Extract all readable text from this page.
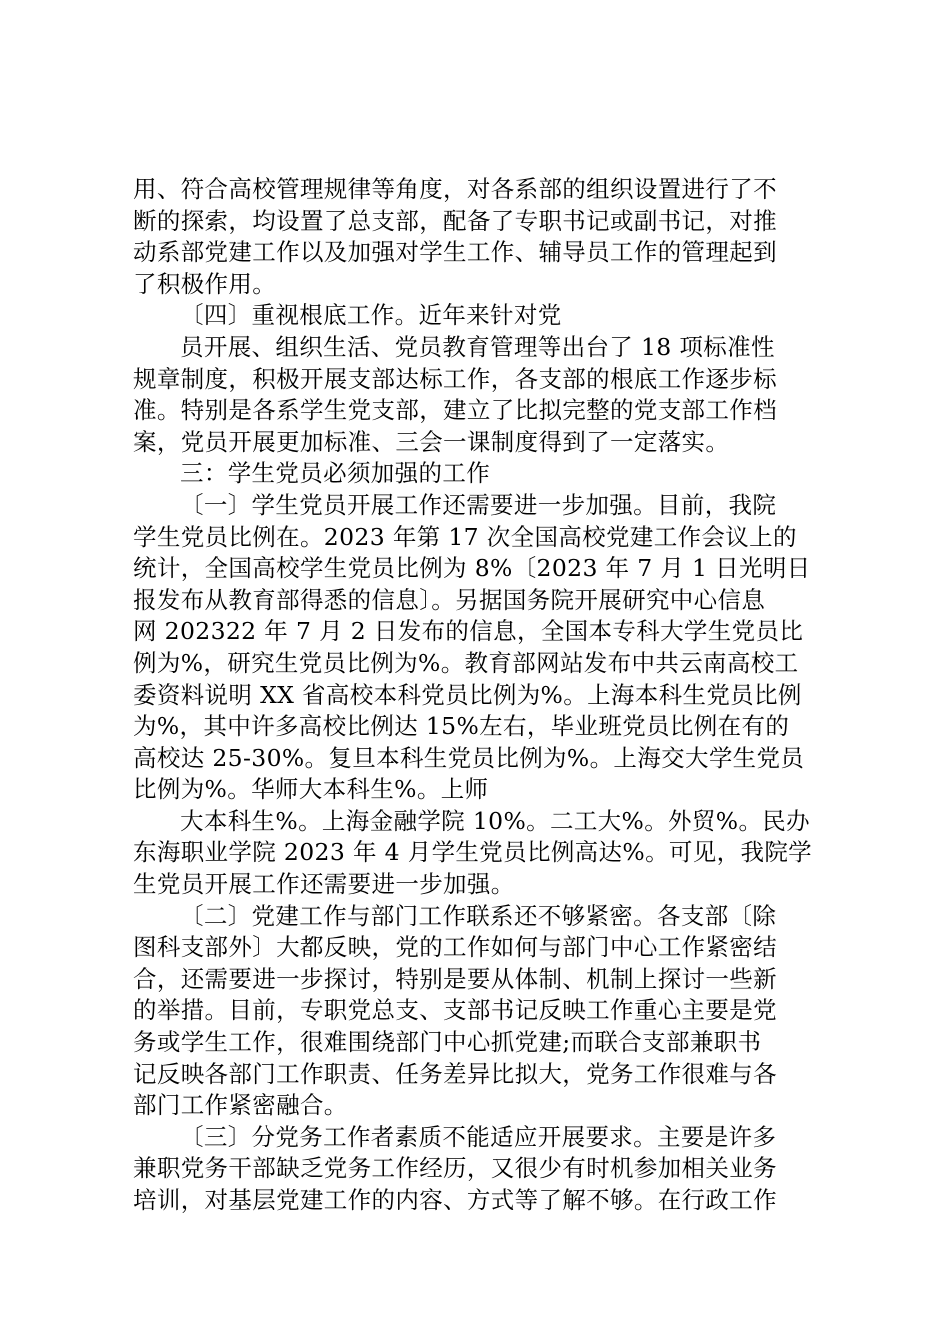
用、符合高校管理规律等角度，对各系部的组织设置进行了不
断的探索，均设置了总支部，配备了专职书记或副书记，对推
动系部党建工作以及加强对学生工作、辅导员工作的管理起到
了积极作用。
〔四〕重视根底工作。近年来针对党
员开展、组织生活、党员教育管理等出台了 18 项标准性
规章制度，积极开展支部达标工作，各支部的根底工作逐步标
准。特别是各系学生党支部，建立了比拟完整的党支部工作档
案，党员开展更加标准、三会一课制度得到了一定落实。
三：学生党员必须加强的工作
〔一〕学生党员开展工作还需要进一步加强。目前，我院
学生党员比例在。2023 年第 17 次全国高校党建工作会议上的
统计，全国高校学生党员比例为 8%〔2023 年 7 月 1 日光明日
报发布从教育部得悉的信息〕。另据国务院开展研究中心信息
网 202322 年 7 月 2 日发布的信息，全国本专科大学生党员比
例为%，研究生党员比例为%。教育部网站发布中共云南高校工
委资料说明 XX 省高校本科党员比例为%。上海本科生党员比例
为%，其中许多高校比例达 15%左右，毕业班党员比例在有的
高校达 25-30%。复旦本科生党员比例为%。上海交大学生党员
比例为%。华师大本科生%。上师
大本科生%。上海金融学院 10%。二工大%。外贸%。民办
东海职业学院 2023 年 4 月学生党员比例高达%。可见，我院学
生党员开展工作还需要进一步加强。
〔二〕党建工作与部门工作联系还不够紧密。各支部〔除
图科支部外〕大都反映，党的工作如何与部门中心工作紧密结
合，还需要进一步探讨，特别是要从体制、机制上探讨一些新
的举措。目前，专职党总支、支部书记反映工作重心主要是党
务或学生工作，很难围绕部门中心抓党建;而联合支部兼职书
记反映各部门工作职责、任务差异比拟大，党务工作很难与各
部门工作紧密融合。
〔三〕分党务工作者素质不能适应开展要求。主要是许多
兼职党务干部缺乏党务工作经历，又很少有时机参加相关业务
培训，对基层党建工作的内容、方式等了解不够。在行政工作
